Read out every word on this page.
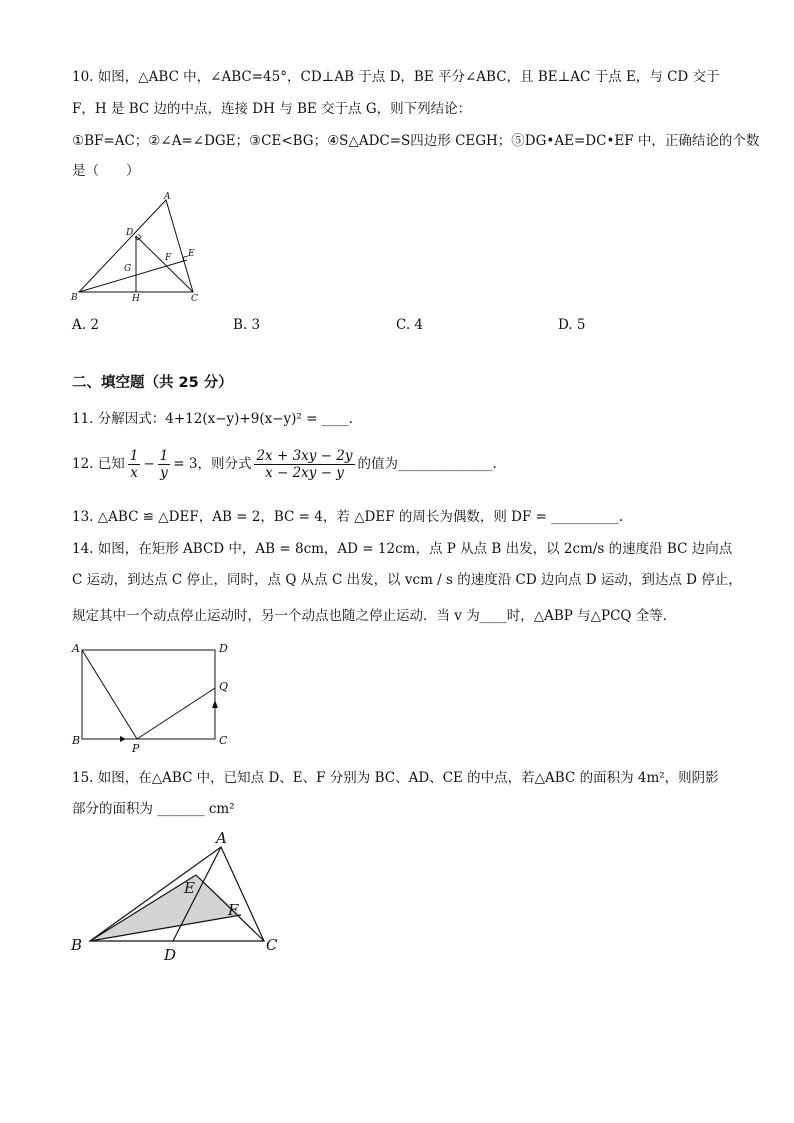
10. 如图，△ABC 中，∠ABC=45°，CD⊥AB 于点 D，BE 平分∠ABC，且 BE⊥AC 于点 E，与 CD 交于
F，H 是 BC 边的中点，连接 DH 与 BE 交于点 G，则下列结论：
①BF=AC；②∠A=∠DGE；③CE<BG；④S△ADC=S四边形 CEGH；⑤DG•AE=DC•EF 中，正确结论的个数
是（　　）
A
D
E
F
G
B	H	C
A. 2	B. 3	C. 4	D. 5
二、填空题（共 25 分）
11. 分解因式：4+12(x−y)+9(x−y)² = ____.
12. 已知 $\frac{1}{x} - \frac{1}{y} = 3$，则分式 $\frac{2x + 3xy - 2y}{x - 2xy - y}$ 的值为______________.
13. △ABC ≌ △DEF，AB = 2，BC = 4，若 △DEF 的周长为偶数，则 DF = __________.
14. 如图，在矩形 ABCD 中，AB = 8cm，AD = 12cm，点 P 从点 B 出发，以 2cm/s 的速度沿 BC 边向点
C 运动，到达点 C 停止，同时，点 Q 从点 C 出发，以 vcm / s 的速度沿 CD 边向点 D 运动，到达点 D 停止，
规定其中一个动点停止运动时，另一个动点也随之停止运动．当 v 为____时，△ABP 与△PCQ 全等．
A	D
Q
B
P
C
15. 如图，在△ABC 中，已知点 D、E、F 分别为 BC、AD、CE 的中点，若△ABC 的面积为 4m²，则阴影
部分的面积为 _______ cm²
A
E
F
B
D
C
